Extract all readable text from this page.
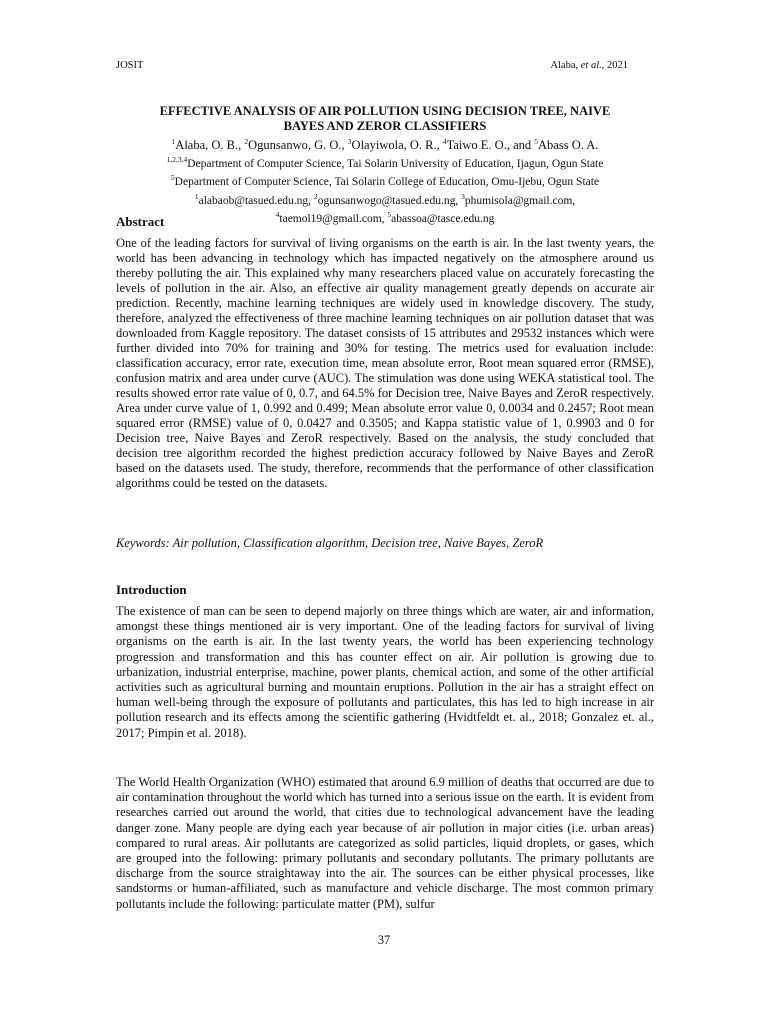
JOSIT	Alaba, et al., 2021
EFFECTIVE ANALYSIS OF AIR POLLUTION USING DECISION TREE, NAIVE
BAYES AND ZEROR CLASSIFIERS
$^1$Alaba, O. B., $^2$Ogunsanwo, G. O., $^3$Olayiwola, O. R., $^4$Taiwo E. O., and $^5$Abass O. A.
$^{1,2,3,4}$Department of Computer Science, Tai Solarin University of Education, Ijagun, Ogun State
$^5$Department of Computer Science, Tai Solarin College of Education, Omu-Ijebu, Ogun State
$^1$alabaob@tasued.edu.ng, $^2$ogunsanwogo@tasued.edu.ng, $^3$phumisola@gmail.com,
$^4$taemol19@gmail.com, $^5$abassoa@tasce.edu.ng
Abstract

One of the leading factors for survival of living organisms on the earth is air. In the last twenty years, the world has been advancing in technology which has impacted negatively on the atmosphere around us thereby polluting the air. This explained why many researchers placed value on accurately forecasting the levels of pollution in the air. Also, an effective air quality management greatly depends on accurate air prediction. Recently, machine learning techniques are widely used in knowledge discovery. The study, therefore, analyzed the effectiveness of three machine learning techniques on air pollution dataset that was downloaded from Kaggle repository. The dataset consists of 15 attributes and 29532 instances which were further divided into 70% for training and 30% for testing. The metrics used for evaluation include: classification accuracy, error rate, execution time, mean absolute error, Root mean squared error (RMSE), confusion matrix and area under curve (AUC). The stimulation was done using WEKA statistical tool. The results showed error rate value of 0, 0.7, and 64.5% for Decision tree, Naive Bayes and ZeroR respectively. Area under curve value of 1, 0.992 and 0.499; Mean absolute error value 0, 0.0034 and 0.2457; Root mean squared error (RMSE) value of 0, 0.0427 and 0.3505; and Kappa statistic value of 1, 0.9903 and 0 for Decision tree, Naive Bayes and ZeroR respectively. Based on the analysis, the study concluded that decision tree algorithm recorded the highest prediction accuracy followed by Naive Bayes and ZeroR based on the datasets used. The study, therefore, recommends that the performance of other classification algorithms could be tested on the datasets.

Keywords: Air pollution, Classification algorithm, Decision tree, Naive Bayes, ZeroR

Introduction

The existence of man can be seen to depend majorly on three things which are water, air and information, amongst these things mentioned air is very important. One of the leading factors for survival of living organisms on the earth is air. In the last twenty years, the world has been experiencing technology progression and transformation and this has counter effect on air. Air pollution is growing due to urbanization, industrial enterprise, machine, power plants, chemical action, and some of the other artificial activities such as agricultural burning and mountain eruptions. Pollution in the air has a straight effect on human well-being through the exposure of pollutants and particulates, this has led to high increase in air pollution research and its effects among the scientific gathering (Hvidtfeldt et. al., 2018; Gonzalez et. al., 2017; Pimpin et al. 2018).

The World Health Organization (WHO) estimated that around 6.9 million of deaths that occurred are due to air contamination throughout the world which has turned into a serious issue on the earth. It is evident from researches carried out around the world, that cities due to technological advancement have the leading danger zone. Many people are dying each year because of air pollution in major cities (i.e. urban areas) compared to rural areas. Air pollutants are categorized as solid particles, liquid droplets, or gases, which are grouped into the following: primary pollutants and secondary pollutants. The primary pollutants are discharge from the source straightaway into the air. The sources can be either physical processes, like sandstorms or human-affiliated, such as manufacture and vehicle discharge. The most common primary pollutants include the following: particulate matter (PM), sulfur

37
